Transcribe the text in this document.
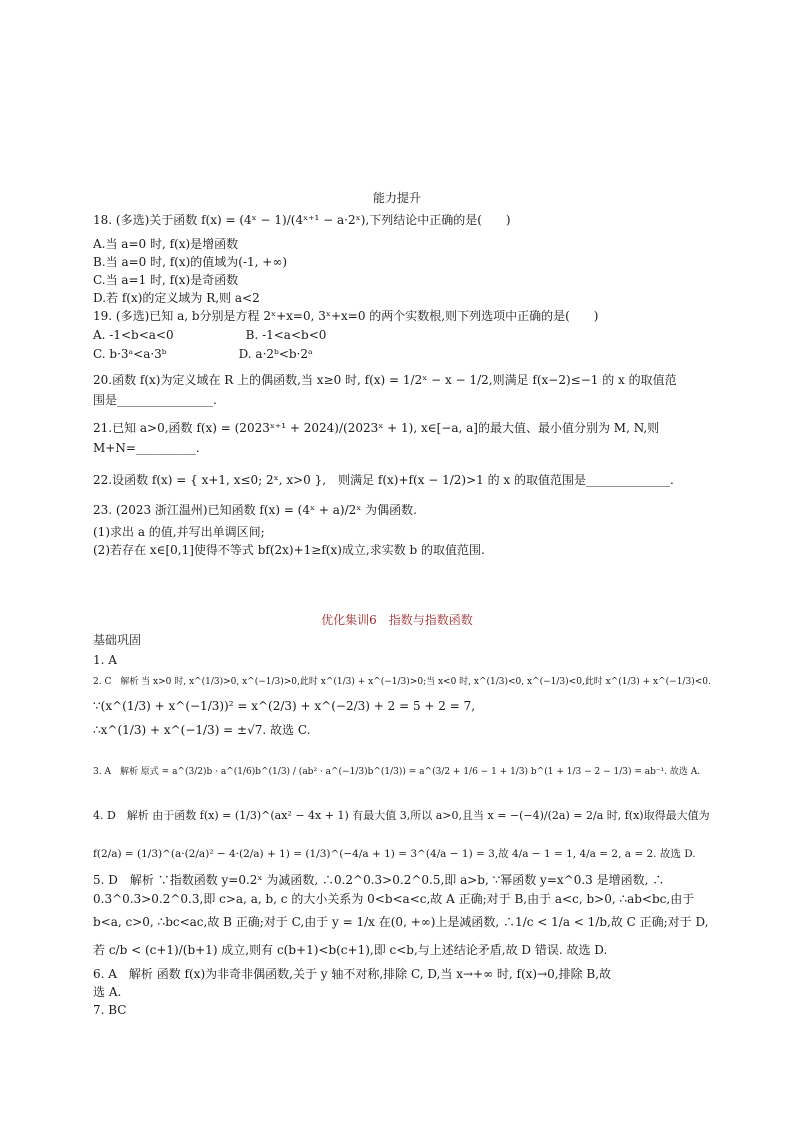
能力提升
18. (多选)关于函数 f(x) = (4ˣ − 1)/(4ˣ⁺¹ − a·2ˣ),下列结论中正确的是(　　)
A.当 a=0 时, f(x)是增函数
B.当 a=0 时, f(x)的值域为(-1, +∞)
C.当 a=1 时, f(x)是奇函数
D.若 f(x)的定义域为 R,则 a<2
19. (多选)已知 a, b分别是方程 2ˣ+x=0, 3ˣ+x=0 的两个实数根,则下列选项中正确的是(　　)
A. -1<b<a<0　　　　　　B. -1<a<b<0
C. b·3ᵃ<a·3ᵇ　　　　　　D. a·2ᵇ<b·2ᵃ
20.函数 f(x)为定义域在 R 上的偶函数,当 x≥0 时, f(x) = 1/2ˣ − x − 1/2,则满足 f(x−2)≤−1 的 x 的取值范
围是________________.
21.已知 a>0,函数 f(x) = (2023ˣ⁺¹ + 2024)/(2023ˣ + 1), x∈[−a, a]的最大值、最小值分别为 M, N,则
M+N=__________.
22.设函数 f(x) = { x+1, x≤0; 2ˣ, x>0 },　则满足 f(x)+f(x − 1/2)>1 的 x 的取值范围是______________.
23. (2023 浙江温州)已知函数 f(x) = (4ˣ + a)/2ˣ 为偶函数.
(1)求出 a 的值,并写出单调区间;
(2)若存在 x∈[0,1]使得不等式 bf(2x)+1≥f(x)成立,求实数 b 的取值范围.
优化集训6　指数与指数函数
基础巩固
1. A
2. C　解析 当 x>0 时, x^(1/3)>0, x^(−1/3)>0,此时 x^(1/3) + x^(−1/3)>0;当 x<0 时, x^(1/3)<0, x^(−1/3)<0,此时 x^(1/3) + x^(−1/3)<0.
∵(x^(1/3) + x^(−1/3))² = x^(2/3) + x^(−2/3) + 2 = 5 + 2 = 7,
∴x^(1/3) + x^(−1/3) = ±√7. 故选 C.
3. A　解析 原式 = a^(3/2)b · a^(1/6)b^(1/3) / (ab² · a^(−1/3)b^(1/3)) = a^(3/2 + 1/6 − 1 + 1/3) b^(1 + 1/3 − 2 − 1/3) = ab⁻¹. 故选 A.
4. D　解析 由于函数 f(x) = (1/3)^(ax² − 4x + 1) 有最大值 3,所以 a>0,且当 x = −(−4)/(2a) = 2/a 时, f(x)取得最大值为
f(2/a) = (1/3)^(a·(2/a)² − 4·(2/a) + 1) = (1/3)^(−4/a + 1) = 3^(4/a − 1) = 3,故 4/a − 1 = 1, 4/a = 2, a = 2. 故选 D.
5. D　解析 ∵指数函数 y=0.2ˣ 为减函数, ∴0.2^0.3>0.2^0.5,即 a>b, ∵幂函数 y=x^0.3 是增函数, ∴
0.3^0.3>0.2^0.3,即 c>a, a, b, c 的大小关系为 0<b<a<c,故 A 正确;对于 B,由于 a<c, b>0, ∴ab<bc,由于
b<a, c>0, ∴bc<ac,故 B 正确;对于 C,由于 y = 1/x 在(0, +∞)上是减函数, ∴1/c < 1/a < 1/b,故 C 正确;对于 D,
若 c/b < (c+1)/(b+1) 成立,则有 c(b+1)<b(c+1),即 c<b,与上述结论矛盾,故 D 错误. 故选 D.
6. A　解析 函数 f(x)为非奇非偶函数,关于 y 轴不对称,排除 C, D,当 x→+∞ 时, f(x)→0,排除 B,故
选 A.
7. BC
